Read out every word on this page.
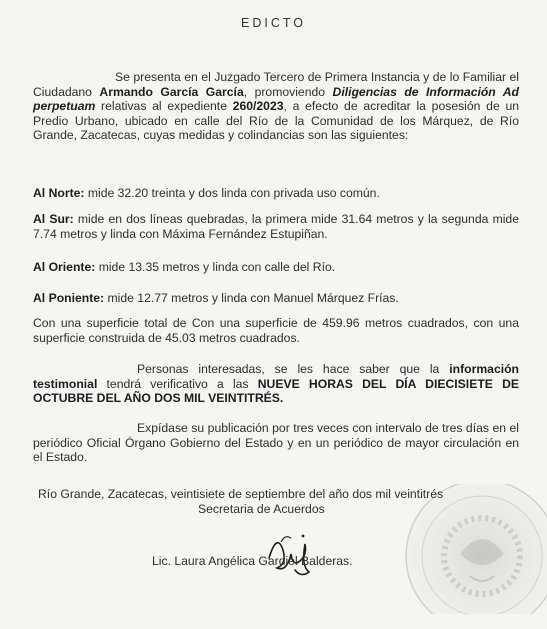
EDICTO

Se presenta en el Juzgado Tercero de Primera Instancia y de lo Familiar el Ciudadano Armando García García, promoviendo Diligencias de Información Ad perpetuam relativas al expediente 260/2023, a efecto de acreditar la posesión de un Predio Urbano, ubicado en calle del Río de la Comunidad de los Márquez, de Río Grande, Zacatecas, cuyas medidas y colindancias son las siguientes:

Al Norte: mide 32.20 treinta y dos linda con privada uso común.

Al Sur: mide en dos líneas quebradas, la primera mide 31.64 metros y la segunda mide 7.74 metros y linda con Máxima Fernández Estupiñan.

Al Oriente: mide 13.35 metros y linda con calle del Río.

Al Poniente: mide 12.77 metros y linda con Manuel Márquez Frías.

Con una superficie total de Con una superficie de 459.96 metros cuadrados, con una superficie construida de 45.03 metros cuadrados.

Personas interesadas, se les hace saber que la información testimonial tendrá verificativo a las NUEVE HORAS DEL DÍA DIECISIETE DE OCTUBRE DEL AÑO DOS MIL VEINTITRÉS.

Expídase su publicación por tres veces con intervalo de tres días en el periódico Oficial Órgano Gobierno del Estado y en un periódico de mayor circulación en el Estado.

Río Grande, Zacatecas, veintisiete de septiembre del año dos mil veintitrés
Secretaria de Acuerdos
Lic. Laura Angélica Gardiel Balderas.
